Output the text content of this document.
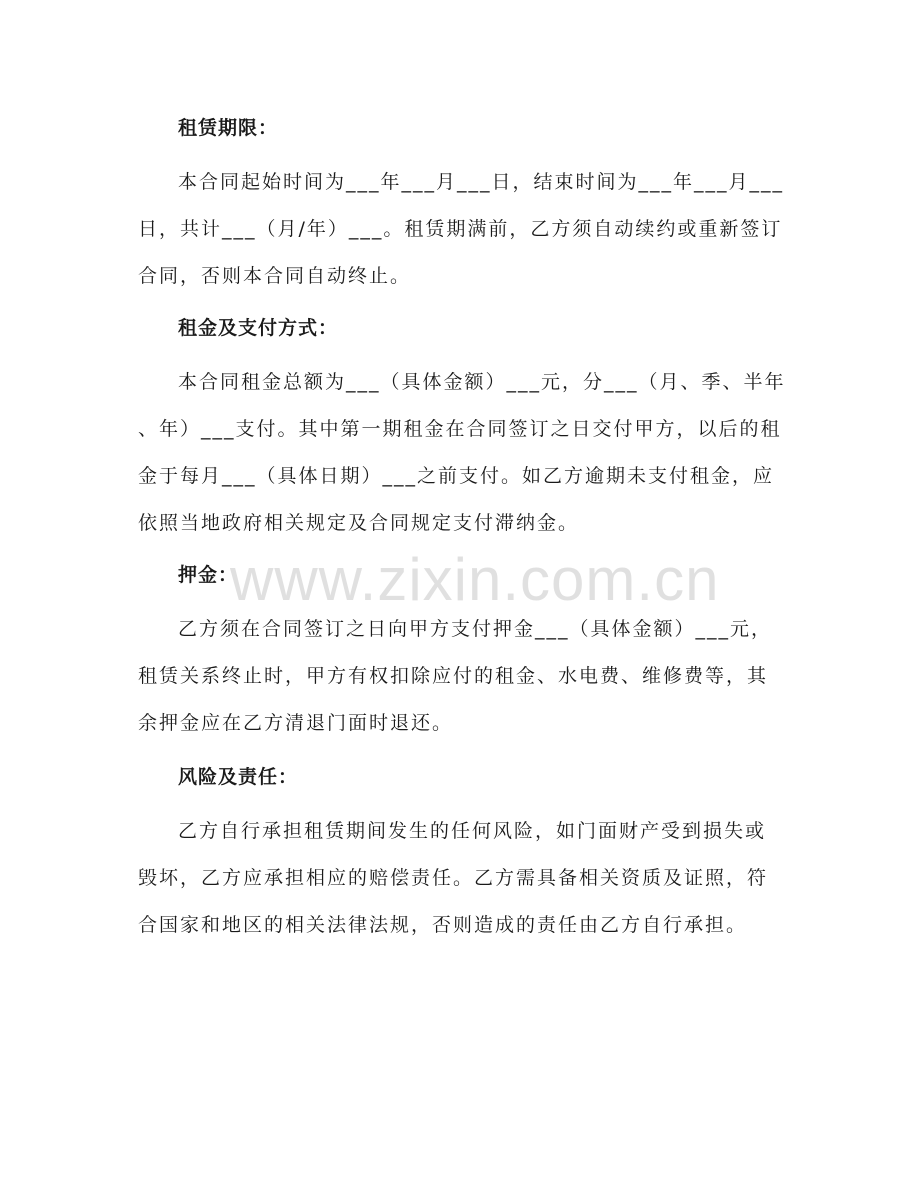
租赁期限：

本合同起始时间为___年___月___日，结束时间为___年___月___
日，共计___（月/年）___。租赁期满前，乙方须自动续约或重新签订
合同，否则本合同自动终止。

租金及支付方式：

本合同租金总额为___（具体金额）___元，分___（月、季、半年
、年）___支付。其中第一期租金在合同签订之日交付甲方，以后的租
金于每月___（具体日期）___之前支付。如乙方逾期未支付租金，应
依照当地政府相关规定及合同规定支付滞纳金。

押金：

乙方须在合同签订之日向甲方支付押金___（具体金额）___元，
租赁关系终止时，甲方有权扣除应付的租金、水电费、维修费等，其
余押金应在乙方清退门面时退还。

风险及责任：

乙方自行承担租赁期间发生的任何风险，如门面财产受到损失或
毁坏，乙方应承担相应的赔偿责任。乙方需具备相关资质及证照，符
合国家和地区的相关法律法规，否则造成的责任由乙方自行承担。

www.zixin.com.cn
